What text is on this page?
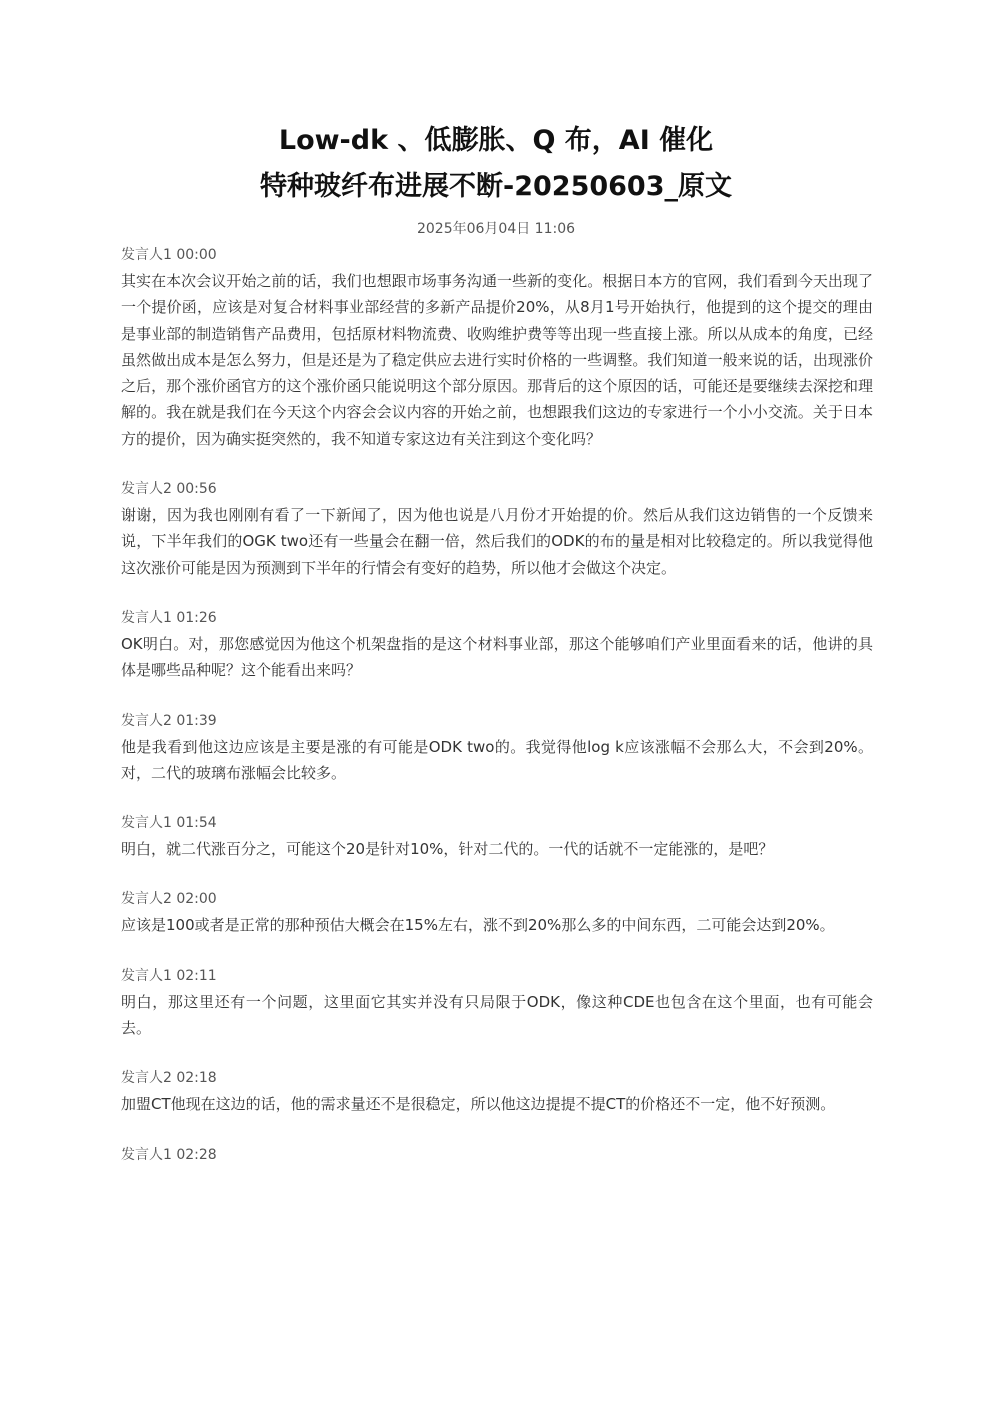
Low-dk 、低膨胀、Q 布，AI 催化
特种玻纤布进展不断-20250603_原文
2025年06月04日 11:06
发言人1 00:00

其实在本次会议开始之前的话，我们也想跟市场事务沟通一些新的变化。根据日本方的官网，我们看到今天出现了一个提价函，应该是对复合材料事业部经营的多新产品提价20%，从8月1号开始执行，他提到的这个提交的理由是事业部的制造销售产品费用，包括原材料物流费、收购维护费等等出现一些直接上涨。所以从成本的角度，已经虽然做出成本是怎么努力，但是还是为了稳定供应去进行实时价格的一些调整。我们知道一般来说的话，出现涨价之后，那个涨价函官方的这个涨价函只能说明这个部分原因。那背后的这个原因的话，可能还是要继续去深挖和理解的。我在就是我们在今天这个内容会会议内容的开始之前，也想跟我们这边的专家进行一个小小交流。关于日本方的提价，因为确实挺突然的，我不知道专家这边有关注到这个变化吗？

发言人2 00:56

谢谢，因为我也刚刚有看了一下新闻了，因为他也说是八月份才开始提的价。然后从我们这边销售的一个反馈来说，下半年我们的OGK two还有一些量会在翻一倍，然后我们的ODK的布的量是相对比较稳定的。所以我觉得他这次涨价可能是因为预测到下半年的行情会有变好的趋势，所以他才会做这个决定。

发言人1 01:26

OK明白。对，那您感觉因为他这个机架盘指的是这个材料事业部，那这个能够咱们产业里面看来的话，他讲的具体是哪些品种呢？这个能看出来吗？

发言人2 01:39

他是我看到他这边应该是主要是涨的有可能是ODK two的。我觉得他log k应该涨幅不会那么大，不会到20%。对，二代的玻璃布涨幅会比较多。

发言人1 01:54

明白，就二代涨百分之，可能这个20是针对10%，针对二代的。一代的话就不一定能涨的，是吧？

发言人2 02:00

应该是100或者是正常的那种预估大概会在15%左右，涨不到20%那么多的中间东西，二可能会达到20%。

发言人1 02:11

明白，那这里还有一个问题，这里面它其实并没有只局限于ODK，像这种CDE也包含在这个里面，也有可能会去。

发言人2 02:18

加盟CT他现在这边的话，他的需求量还不是很稳定，所以他这边提提不提CT的价格还不一定，他不好预测。

发言人1 02:28
